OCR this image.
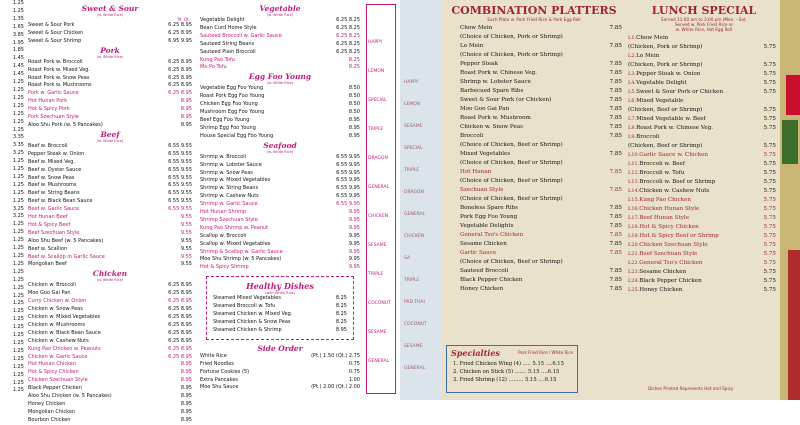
1.25
1.25
1.35
1.65
3.85
1.95
1.85
1.45
1.45
1.45
1.25
1.25
1.25
1.25
1.25
1.25
1.25
3.35
3.35
3.25
1.25
1.25
1.25
1.25
1.25
1.25
3.25
3.25
1.25
1.25
1.25
1.25
1.25
1.25
1.25
1.25
1.25
1.25
1.25
1.25
1.25
1.25
1.25
1.25
1.25
1.25
1.25
1.25
1.25
1.25
Sweet & Sour
(w. White Rice)
Pt. Qt.
Sweet & Sour Pork	6.25 8.95
Sweet & Sour Chicken	6.25 8.95
Sweet & Sour Shrimp	6.95 9.95
Pork
(w. White Rice)
Roast Pork w. Broccoli	6.25 8.95
Roast Pork w. Mixed Veg.	6.25 8.95
Roast Pork w. Snow Peas	6.25 8.95
Roast Pork w. Mushrooms	6.25 8.95
Pork w. Garlic Sauce	6.25 8.95
Hot Hunan Pork	8.95
Hot & Spicy Pork	8.95
Pork Szechuan Style	8.95
Aloo Shu Pork (w. 5 Pancakes)	8.95
Beef
(w. White Rice)
Beef w. Broccoli	6.55 9.55
Pepper Steak w. Onion	6.55 9.55
Beef w. Mixed Veg.	6.55 9.55
Beef w. Oyster Sauce	6.55 9.55
Beef w. Snow Peas	6.55 9.55
Beef w. Mushrooms	6.55 9.55
Beef w. String Beans	6.55 9.55
Beef w. Black Bean Sauce	6.55 9.55
Beef w. Garlic Sauce	6.55 9.55
Hot Hunan Beef	9.55
Hot & Spicy Beef	9.55
Beef Szechuan Style	9.55
Aloo Shu Beef (w. 5 Pancakes)	9.55
Beef w. Scallion	9.55
Beef w. Scallop in Garlic Sauce	9.55
Mongolian Beef	9.55
Chicken
(w. White Rice)
Chicken w. Broccoli	6.25 8.95
Moo Goo Gai Pan	6.25 8.95
Curry Chicken w. Onion	6.25 8.95
Chicken w. Snow Peas	6.25 8.95
Chicken w. Mixed Vegetables	6.25 8.95
Chicken w. Mushrooms	6.25 8.95
Chicken w. Black Bean Sauce	6.25 8.95
Chicken w. Cashew Nuts	6.25 8.95
Kung Pao Chicken w. Peanuts	6.25 8.95
Chicken w. Garlic Sauce	6.25 8.95
Hot Hunan Chicken	8.95
Hot & Spicy Chicken	8.95
Chicken Szechuan Style	8.95
Black Pepper Chicken	8.95
Aloo Shu Chicken (w. 5 Pancakes)	8.95
Honey Chicken	8.95
Mongolian Chicken	8.95
Bourbon Chicken	8.95
Vegetable
(w. White Rice)
Vegetable Delight	6.25 8.25
Bean Curd Home Style	6.25 8.25
Sauteed Broccoli w. Garlic Sauce	6.25 8.25
Sauteed String Beans	6.25 8.25
Sauteed Plain Broccoli	6.25 8.25
Kung Pao Tofu	8.25
Mo Po Tofu	8.25
Egg Foo Young
(w. White Rice)
Vegetable Egg Foo Young	8.50
Roast Pork Egg Foo Young	8.50
Chicken Egg Foo Young	8.50
Mushroom Egg Foo Young	8.50
Beef Egg Foo Young	8.95
Shrimp Egg Foo Young	8.95
House Special Egg Foo Young	8.95
Seafood
(w. White Rice)
Shrimp w. Broccoli	6.55 9.95
Shrimp w. Lobster Sauce	6.55 9.95
Shrimp w. Snow Peas	6.55 9.95
Shrimp w. Mixed Vegetables	6.55 9.95
Shrimp w. String Beans	6.55 9.95
Shrimp w. Cashew Nuts	6.55 9.95
Shrimp w. Garlic Sauce	6.55 9.95
Hot Hunan Shrimp	9.95
Shrimp Szechuan Style	9.95
Kung Pao Shrimp w. Peanut	9.95
Scallop w. Broccoli	9.95
Scallop w. Mixed Vegetables	9.95
Shrimp & Scallop w. Garlic Sauce	9.95
Moo Shu Shrimp (w. 5 Pancakes)	9.95
Hot & Spicy Shrimp	9.95
Healthy Dishes
(with White Rice)
Steamed Mixed Vegetables	8.25
Steamed Broccoli w. Tofu	8.25
Steamed Chicken w. Mixed Veg.	8.25
Steamed Chicken & Snow Peas	8.25
Steamed Chicken & Shrimp	8.95
Side Order
White Rice	(Pt.) 1.50 (Qt.) 2.75
Fried Noodles	0.75
Fortune Cookies (5)	0.75
Extra Pancakes	1.00
Moo Shu Sauce	(Pt.) 2.00 (Qt.) 2.00
HAPPY
LEMON
SPECIAL
TRIPLE
DRAGON
GENERAL
CHICKEN
SESAME
TRIPLE
COCONUT
SESAME
GENERAL
HAPPY
LEMON
SESAME
SPECIAL
TRIPLE
DRAGON
GENERAL
CHICKEN
SA
TRIPLE
PAD THAI
COCONUT
SESAME
GENERAL
COMBINATION PLATTERS
Each Plate w. Pork Fried Rice & Pork Egg Roll
Chow Mein	7.85
(Choice of Chicken, Pork or Shrimp)
Lo Mein	7.85
(Choice of Chicken, Pork or Shrimp)
Pepper Steak	7.85
Roast Pork w. Chinese Veg.	7.85
Shrimp w. Lobster Sauce	7.85
Barbecued Spare Ribs	7.85
Sweet & Sour Pork (or Chicken)	7.85
Moo Goo Gai Pan	7.85
Roast Pork w. Mushroom	7.85
Chicken w. Snow Peas	7.85
Broccoli	7.85
(Choice of Chicken, Beef or Shrimp)
Mixed Vegetables	7.85
(Choice of Chicken, Beef or Shrimp)
Hot Hunan	7.85
(Choice of Chicken, Beef or Shrimp)
Szechuan Style	7.85
(Choice of Chicken, Beef or Shrimp)
Boneless Spare Ribs	7.85
Pork Egg Foo Young	7.85
Vegetable Delights	7.85
General Tso's Chicken	7.85
Sesame Chicken	7.85
Garlic Sauce	7.85
(Choice of Chicken, Beef or Shrimp)
Sauteed Broccoli	7.85
Black Pepper Chicken	7.85
Honey Chicken	7.85
Specialties	Pork Fried Rice / White Rice
1. Fried Chicken Wing (4) ..... 5.15 ....6.15
2. Chicken on Stick (5) ....... 5.15 ....6.15
3. Fried Shrimp (12) ......... 5.15 ....6.15
LUNCH SPECIAL
Served 11:00 am to 3:00 pm (Mon. - Sat.
Served w. Pork Fried Rice or
w. White Rice, Hot Egg Roll
L1.Chow Mein
(Chicken, Pork or Shrimp)	5.75
L2.Lo Mein
(Chicken, Pork or Shrimp)	5.75
L3.Pepper Steak w. Onion	5.75
L4.Vegetable Delight	5.75
L5.Sweet & Sour Pork or Chicken	5.75
L6.Mixed Vegetable
(Chicken, Beef or Shrimp)	5.75
L7.Mixed Vegetable w. Beef	5.75
L8.Roast Pork w. Chinese Veg.	5.75
L9.Broccoli
(Chicken, Beef or Shrimp)	5.75
L10.Garlic Sauce w. Chicken	5.75
L11.Broccoli w. Beef	5.75
L12.Broccoli w. Tofu	5.75
L13.Broccoli w. Beef or Shrimp	5.75
L14.Chicken w. Cashew Nuts	5.75
L15.Kung Pao Chicken	5.75
L16.Chicken Hunan Style	5.75
L17.Beef Hunan Style	5.75
L18.Hot & Spicy Chicken	5.75
L19.Hot & Spicy Beef or Shrimp	5.75
L20.Chicken Szechuan Style	5.75
L21.Beef Szechuan Style	5.75
L22.General Tso's Chicken	5.75
L23.Sesame Chicken	5.75
L24.Black Pepper Chicken	5.75
L25.Honey Chicken	5.75
Dishes Printed Represents Hot and Spicy
